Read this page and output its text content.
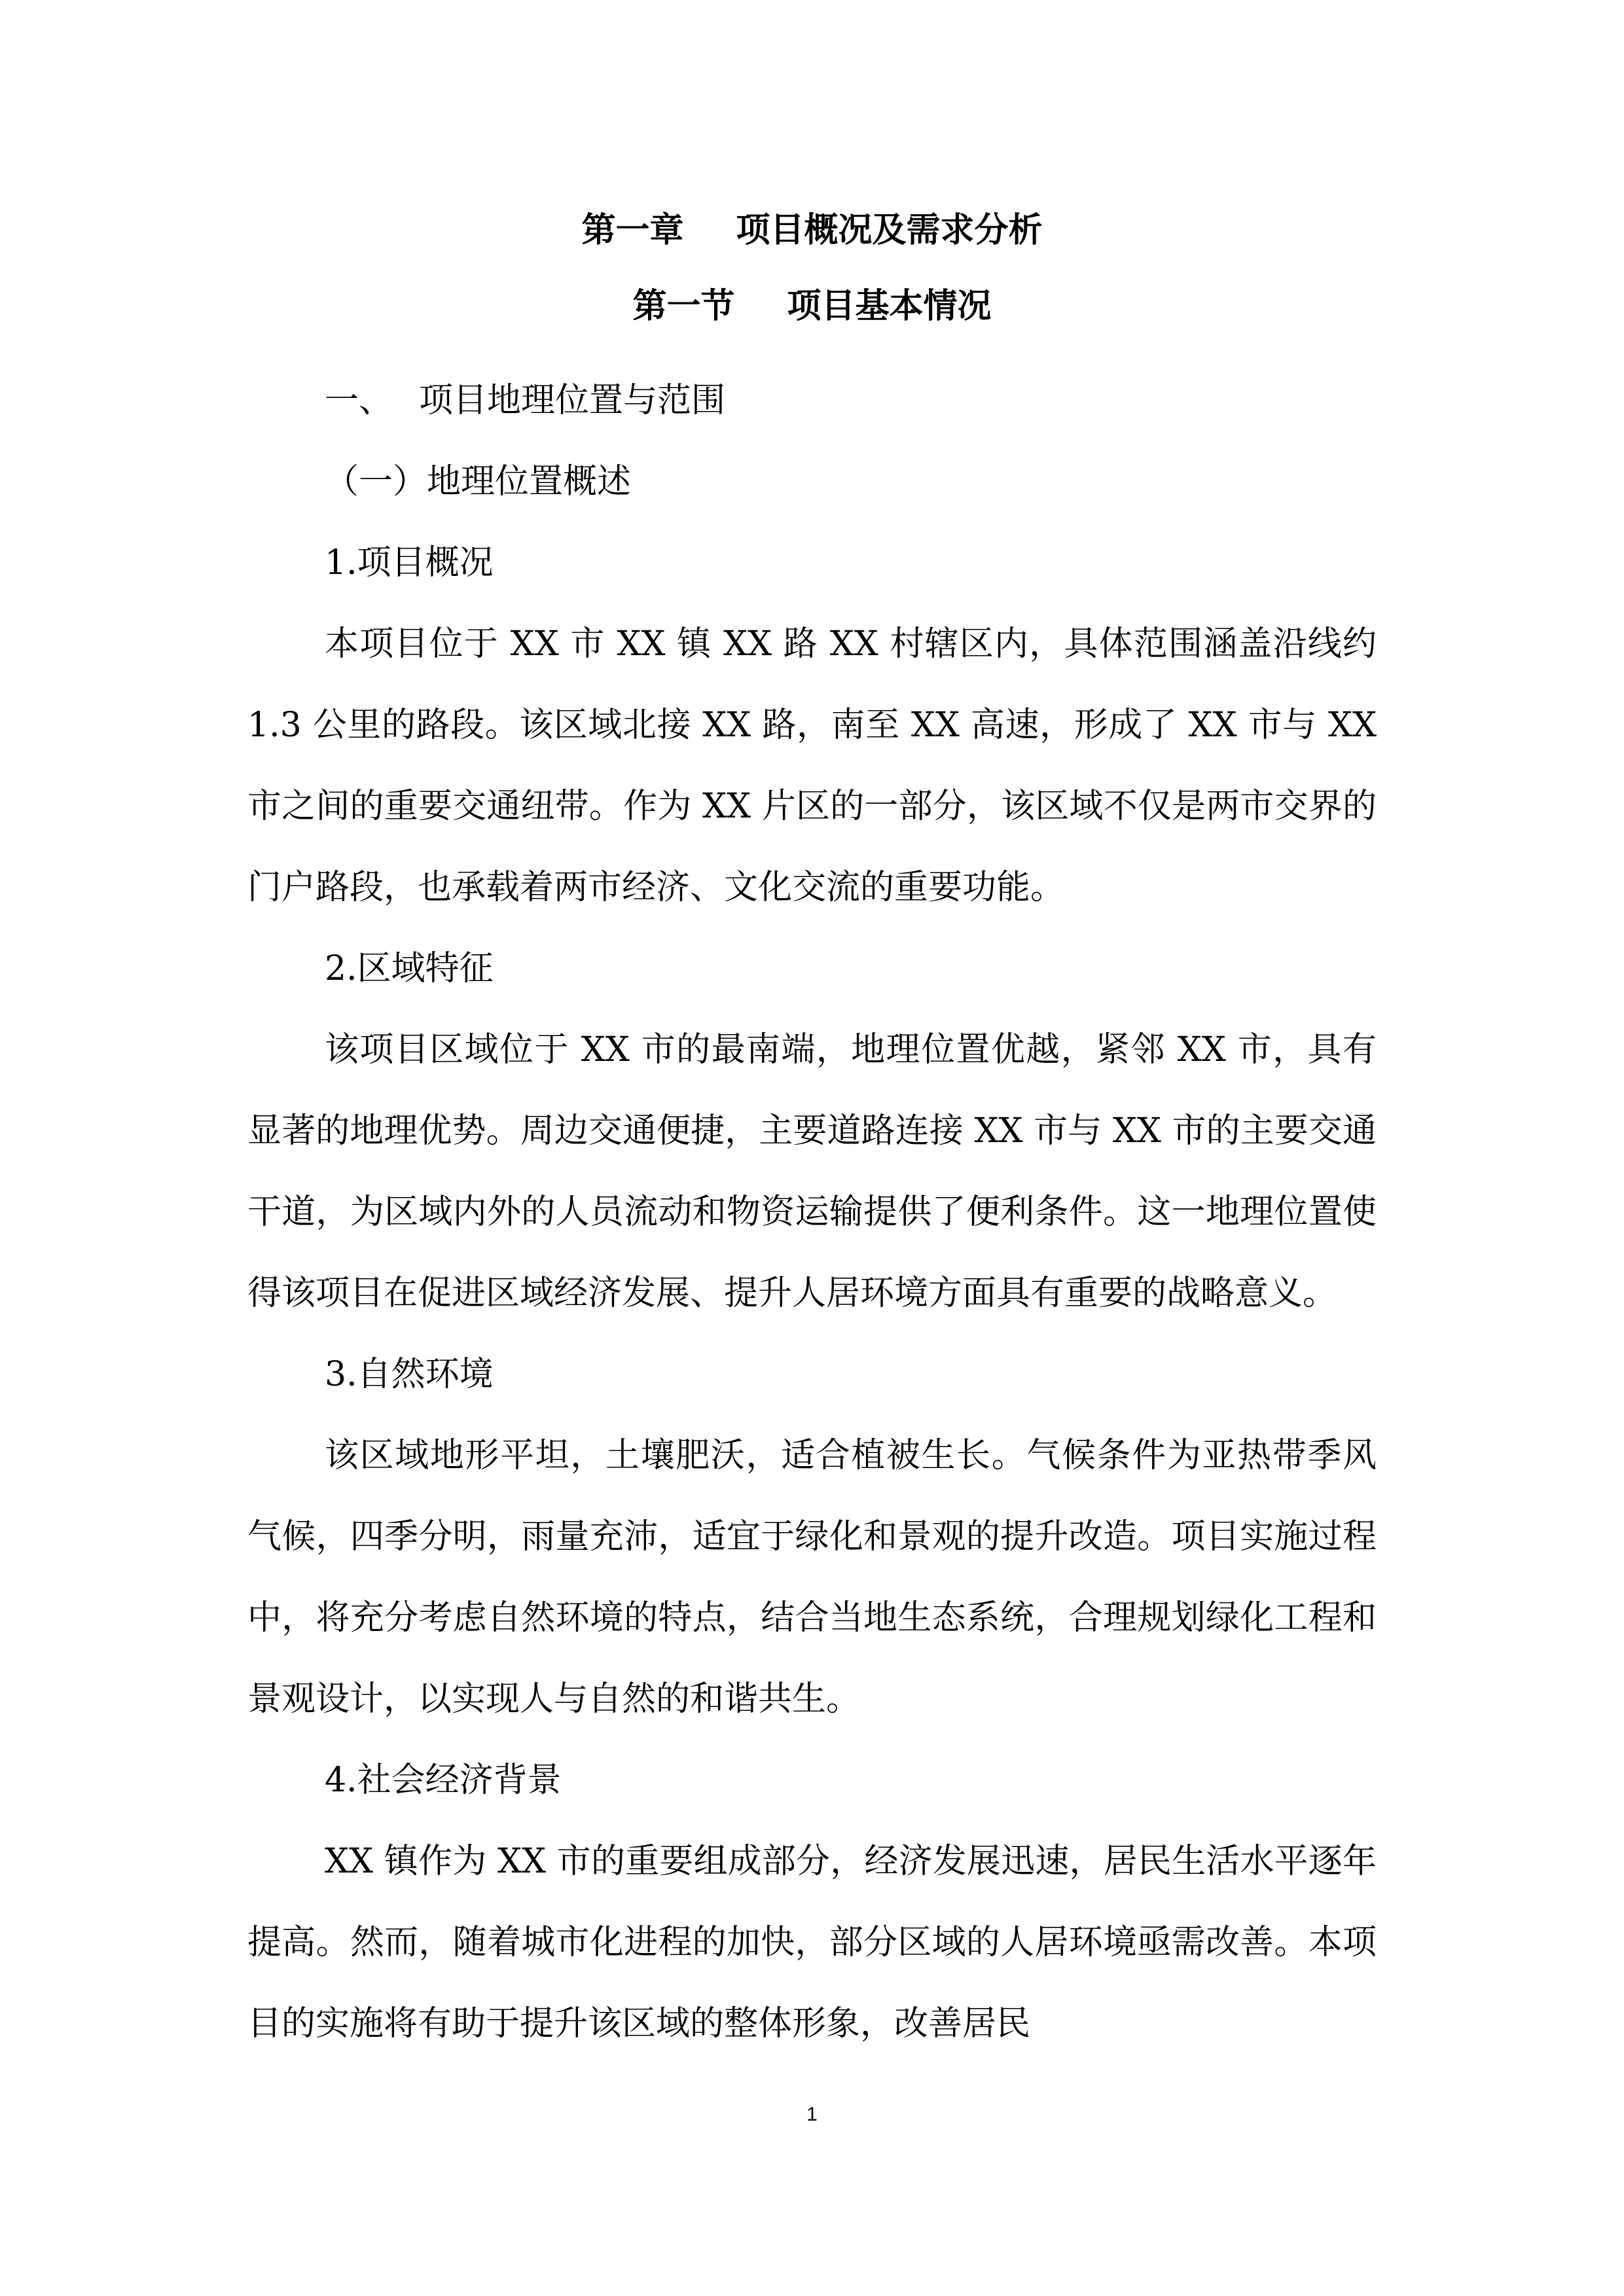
第一章 项目概况及需求分析
第一节 项目基本情况

一、 项目地理位置与范围

（一）地理位置概述

1.项目概况

本项目位于 XX 市 XX 镇 XX 路 XX 村辖区内，具体范围涵盖沿线约 1.3 公里的路段。该区域北接 XX 路，南至 XX 高速，形成了 XX 市与 XX 市之间的重要交通纽带。作为 XX 片区的一部分，该区域不仅是两市交界的门户路段，也承载着两市经济、文化交流的重要功能。

2.区域特征

该项目区域位于 XX 市的最南端，地理位置优越，紧邻 XX 市，具有显著的地理优势。周边交通便捷，主要道路连接 XX 市与 XX 市的主要交通干道，为区域内外的人员流动和物资运输提供了便利条件。这一地理位置使得该项目在促进区域经济发展、提升人居环境方面具有重要的战略意义。

3.自然环境

该区域地形平坦，土壤肥沃，适合植被生长。气候条件为亚热带季风气候，四季分明，雨量充沛，适宜于绿化和景观的提升改造。项目实施过程中，将充分考虑自然环境的特点，结合当地生态系统，合理规划绿化工程和景观设计，以实现人与自然的和谐共生。

4.社会经济背景

XX 镇作为 XX 市的重要组成部分，经济发展迅速，居民生活水平逐年提高。然而，随着城市化进程的加快，部分区域的人居环境亟需改善。本项目的实施将有助于提升该区域的整体形象，改善居民

1
